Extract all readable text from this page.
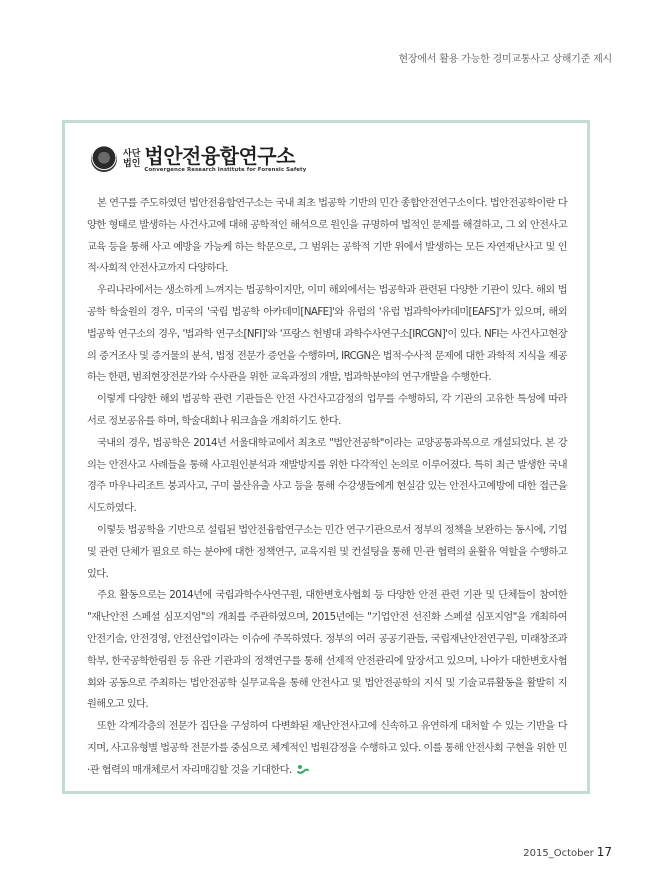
현장에서 활용 가능한 경미교통사고 상해기준 제시
사단
법인 법안전융합연구소
Convergence Research Institute for Forensic Safety

본 연구를 주도하였던 법안전융합연구소는 국내 최초 법공학 기반의 민간 종합안전연구소이다. 법안전공학이란 다양한 형태로 발생하는 사건사고에 대해 공학적인 해석으로 원인을 규명하여 법적인 문제를 해결하고, 그 외 안전사고 교육 등을 통해 사고 예방을 가능케 하는 학문으로, 그 범위는 공학적 기반 위에서 발생하는 모든 자연재난사고 및 인적·사회적 안전사고까지 다양하다.

우리나라에서는 생소하게 느껴지는 법공학이지만, 이미 해외에서는 법공학과 관련된 다양한 기관이 있다. 해외 법공학 학술원의 경우, 미국의 '국립 법공학 아카데미[NAFE]'와 유럽의 '유럽 법과학아카데미[EAFS]'가 있으며, 해외 법공학 연구소의 경우, '법과학 연구소[NFI]'와 '프랑스 헌병대 과학수사연구소[IRCGN]'이 있다. NFI는 사건사고현장의 증거조사 및 증거물의 분석, 법정 전문가 증언을 수행하며, IRCGN은 법적·수사적 문제에 대한 과학적 지식을 제공하는 한편, 범죄현장전문가와 수사관을 위한 교육과정의 개발, 법과학분야의 연구개발을 수행한다.

이렇게 다양한 해외 법공학 관련 기관들은 안전 사건사고감정의 업무를 수행하되, 각 기관의 고유한 특성에 따라 서로 정보공유를 하며, 학술대회나 워크숍을 개최하기도 한다.

국내의 경우, 법공학은 2014년 서울대학교에서 최초로 "법안전공학"이라는 교양공통과목으로 개설되었다. 본 강의는 안전사고 사례들을 통해 사고원인분석과 재발방지를 위한 다각적인 논의로 이루어졌다. 특히 최근 발생한 국내 경주 마우나리조트 붕괴사고, 구미 불산유출 사고 등을 통해 수강생들에게 현실감 있는 안전사고예방에 대한 접근을 시도하였다.

이렇듯 법공학을 기반으로 설립된 법안전융합연구소는 민간 연구기관으로서 정부의 정책을 보완하는 동시에, 기업 및 관련 단체가 필요로 하는 분야에 대한 정책연구, 교육지원 및 컨설팅을 통해 민·관 협력의 윤활유 역할을 수행하고 있다.

주요 활동으로는 2014년에 국립과학수사연구원, 대한변호사협회 등 다양한 안전 관련 기관 및 단체들이 참여한 "재난안전 스페셜 심포지엄"의 개최를 주관하였으며, 2015년에는 "기업안전 선진화 스페셜 심포지엄"을 개최하여 안전기술, 안전경영, 안전산업이라는 이슈에 주목하였다. 정부의 여러 공공기관들, 국립재난안전연구원, 미래창조과학부, 한국공학한림원 등 유관 기관과의 정책연구를 통해 선제적 안전관리에 앞장서고 있으며, 나아가 대한변호사협회와 공동으로 주최하는 법안전공학 실무교육을 통해 안전사고 및 법안전공학의 지식 및 기술교류활동을 활발히 지원해오고 있다.

또한 각계각층의 전문가 집단을 구성하여 다변화된 재난안전사고에 신속하고 유연하게 대처할 수 있는 기반을 다지며, 사고유형별 법공학 전문가를 중심으로 체계적인 법원감정을 수행하고 있다. 이를 통해 안전사회 구현을 위한 민·관 협력의 매개체로서 자리매김할 것을 기대한다.

2015_October 17
